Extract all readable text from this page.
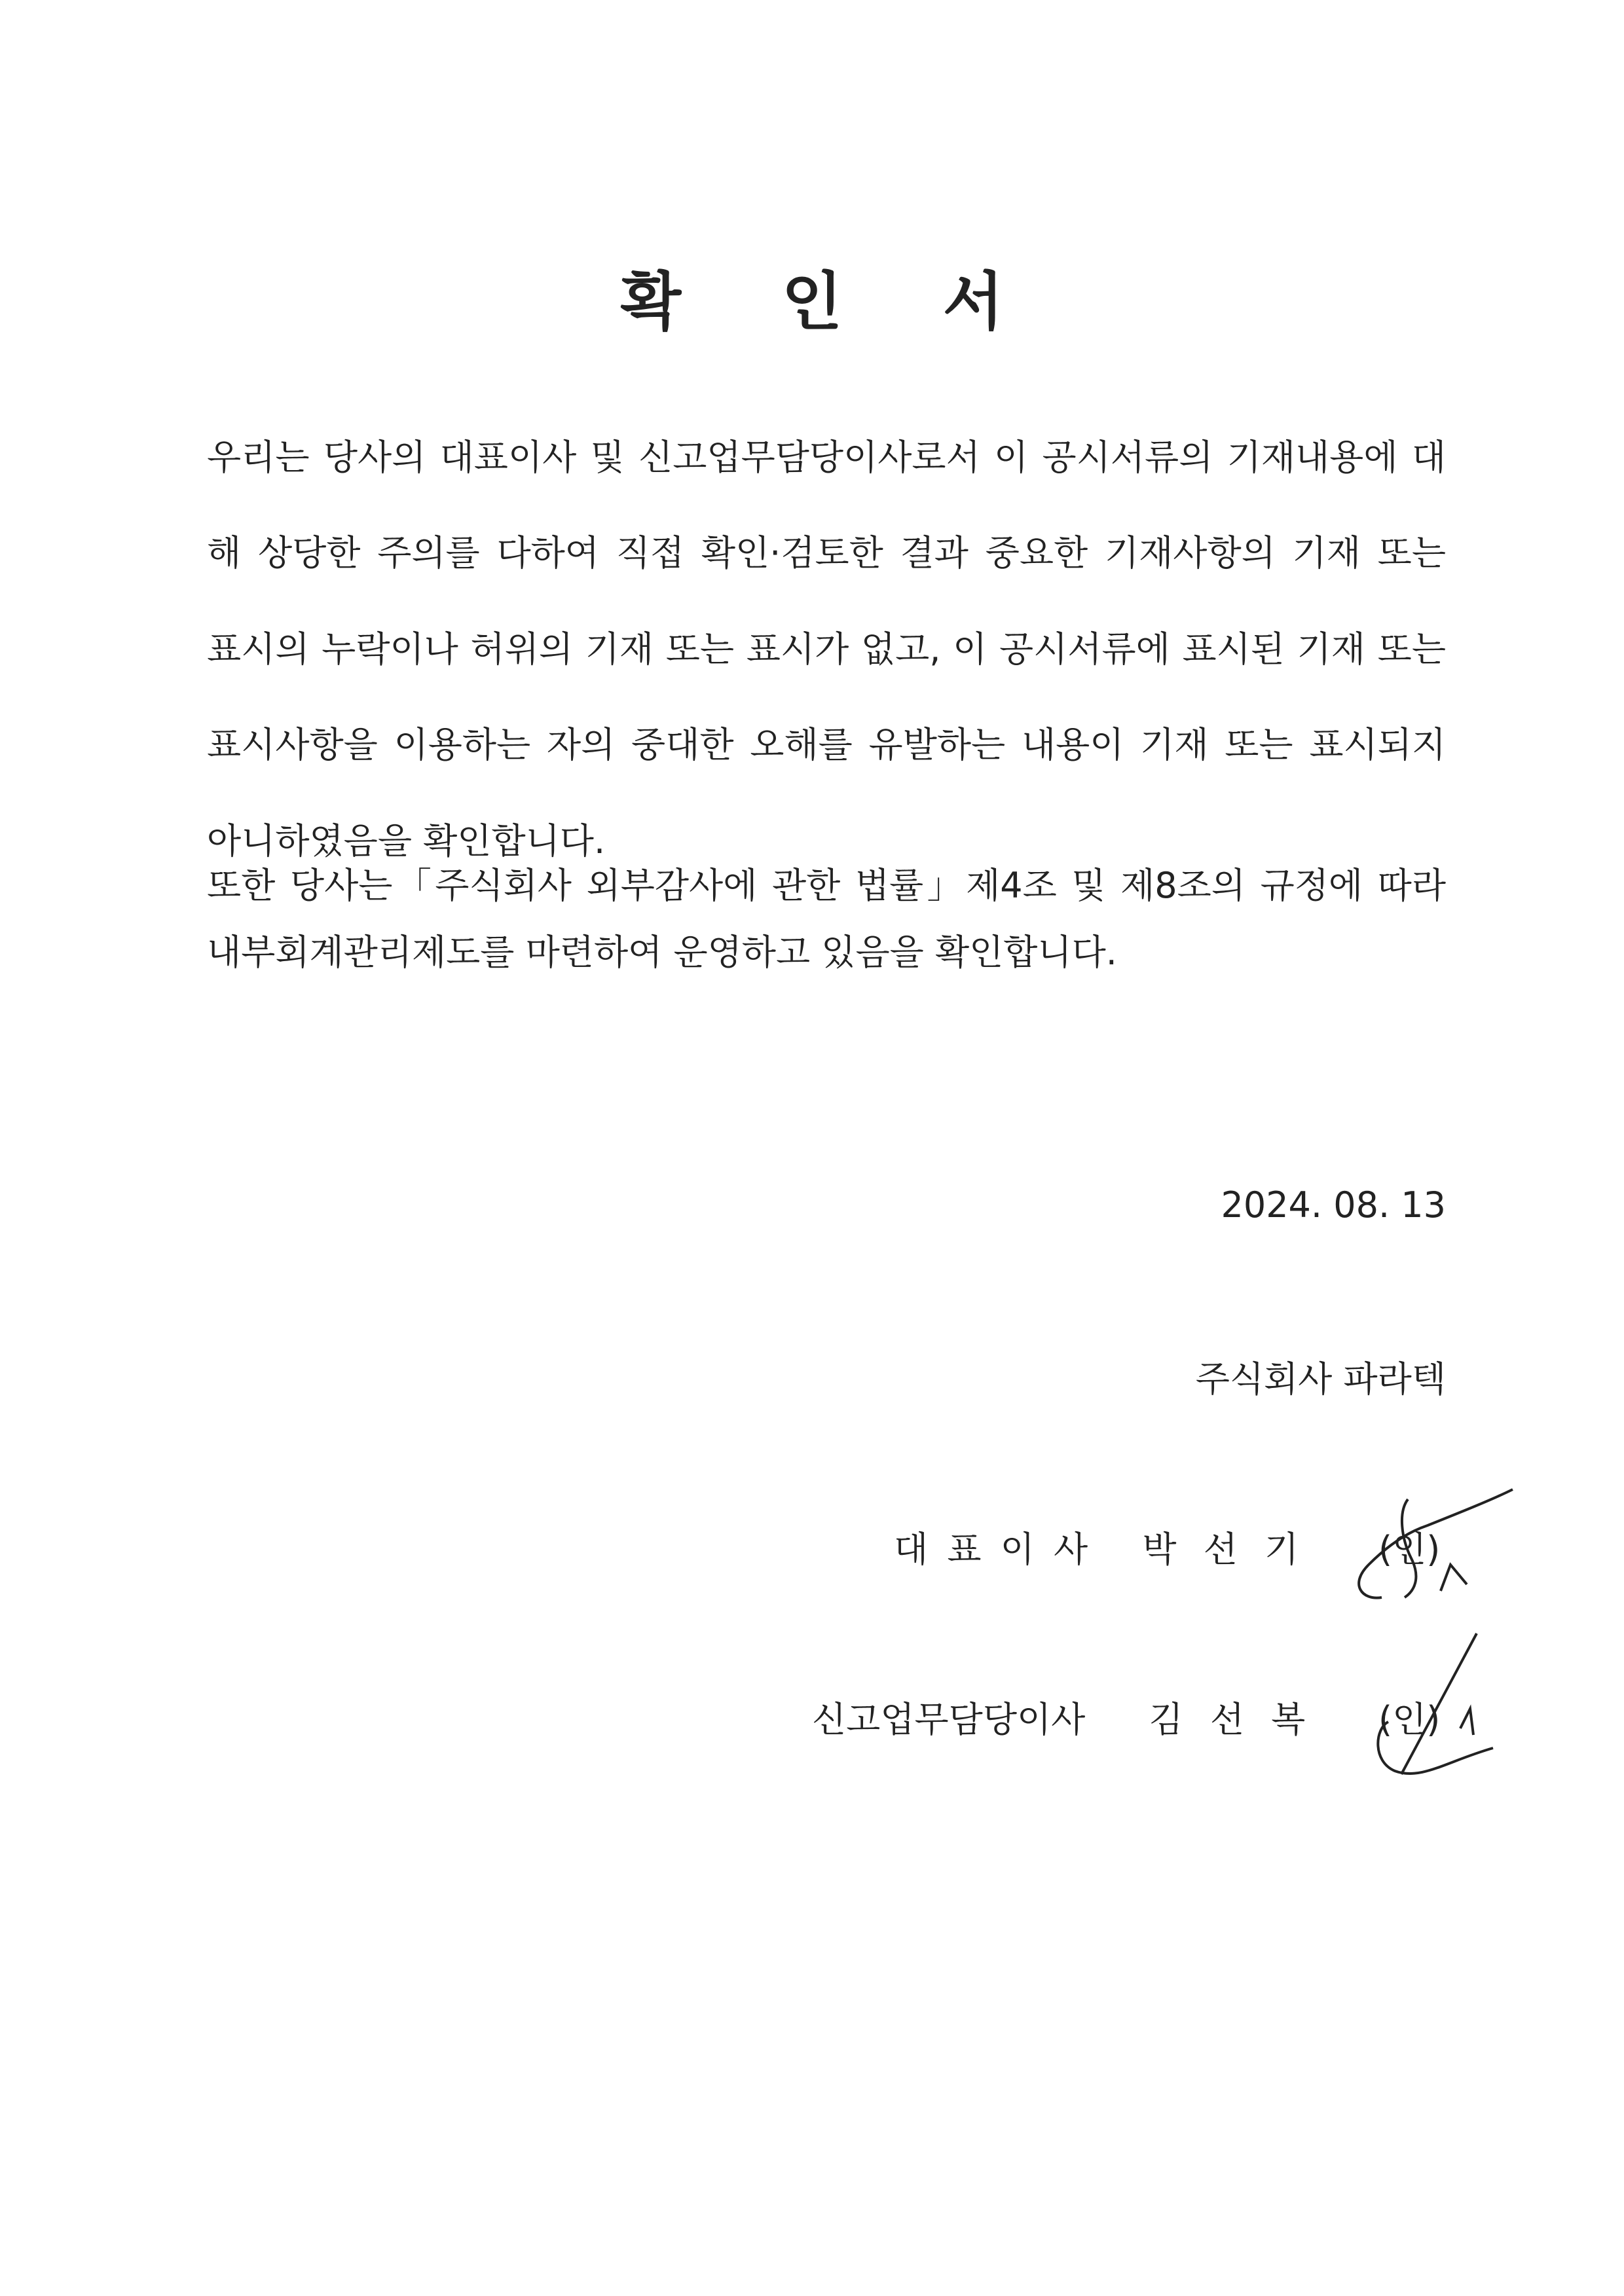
확 인 서
우리는 당사의 대표이사 및 신고업무담당이사로서 이 공시서류의 기재내용에 대
해 상당한 주의를 다하여 직접 확인·검토한 결과 중요한 기재사항의 기재 또는
표시의 누락이나 허위의 기재 또는 표시가 없고, 이 공시서류에 표시된 기재 또는
표시사항을 이용하는 자의 중대한 오해를 유발하는 내용이 기재 또는 표시되지
아니하였음을 확인합니다.
또한 당사는「주식회사 외부감사에 관한 법률」제4조 및 제8조의 규정에 따라
내부회계관리제도를 마련하여 운영하고 있음을 확인합니다.
2024. 08. 13
주식회사 파라텍
대 표 이 사 박 선 기 (인)
신고업무담당이사 김 선 복 (인)
